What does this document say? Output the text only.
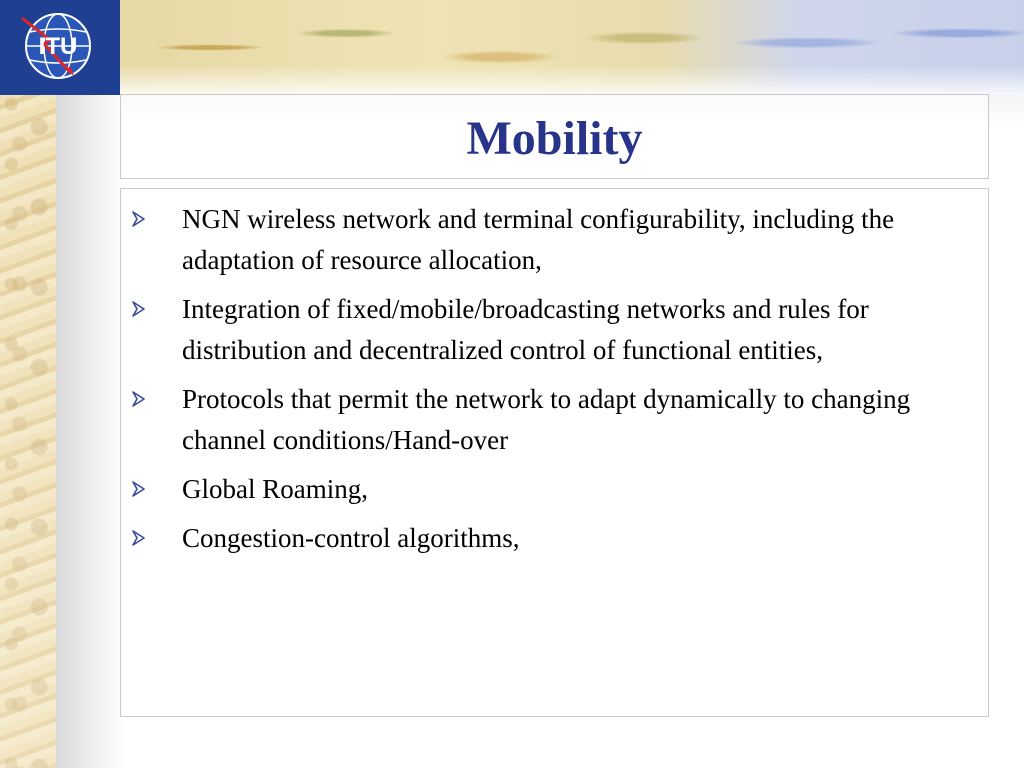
ITU
Mobility
NGN wireless network and terminal configurability, including the adaptation of resource allocation,
Integration of fixed/mobile/broadcasting networks and rules for distribution and decentralized control of functional entities,
Protocols that permit the network to adapt dynamically to changing channel conditions/Hand-over
Global Roaming,
Congestion-control algorithms,
